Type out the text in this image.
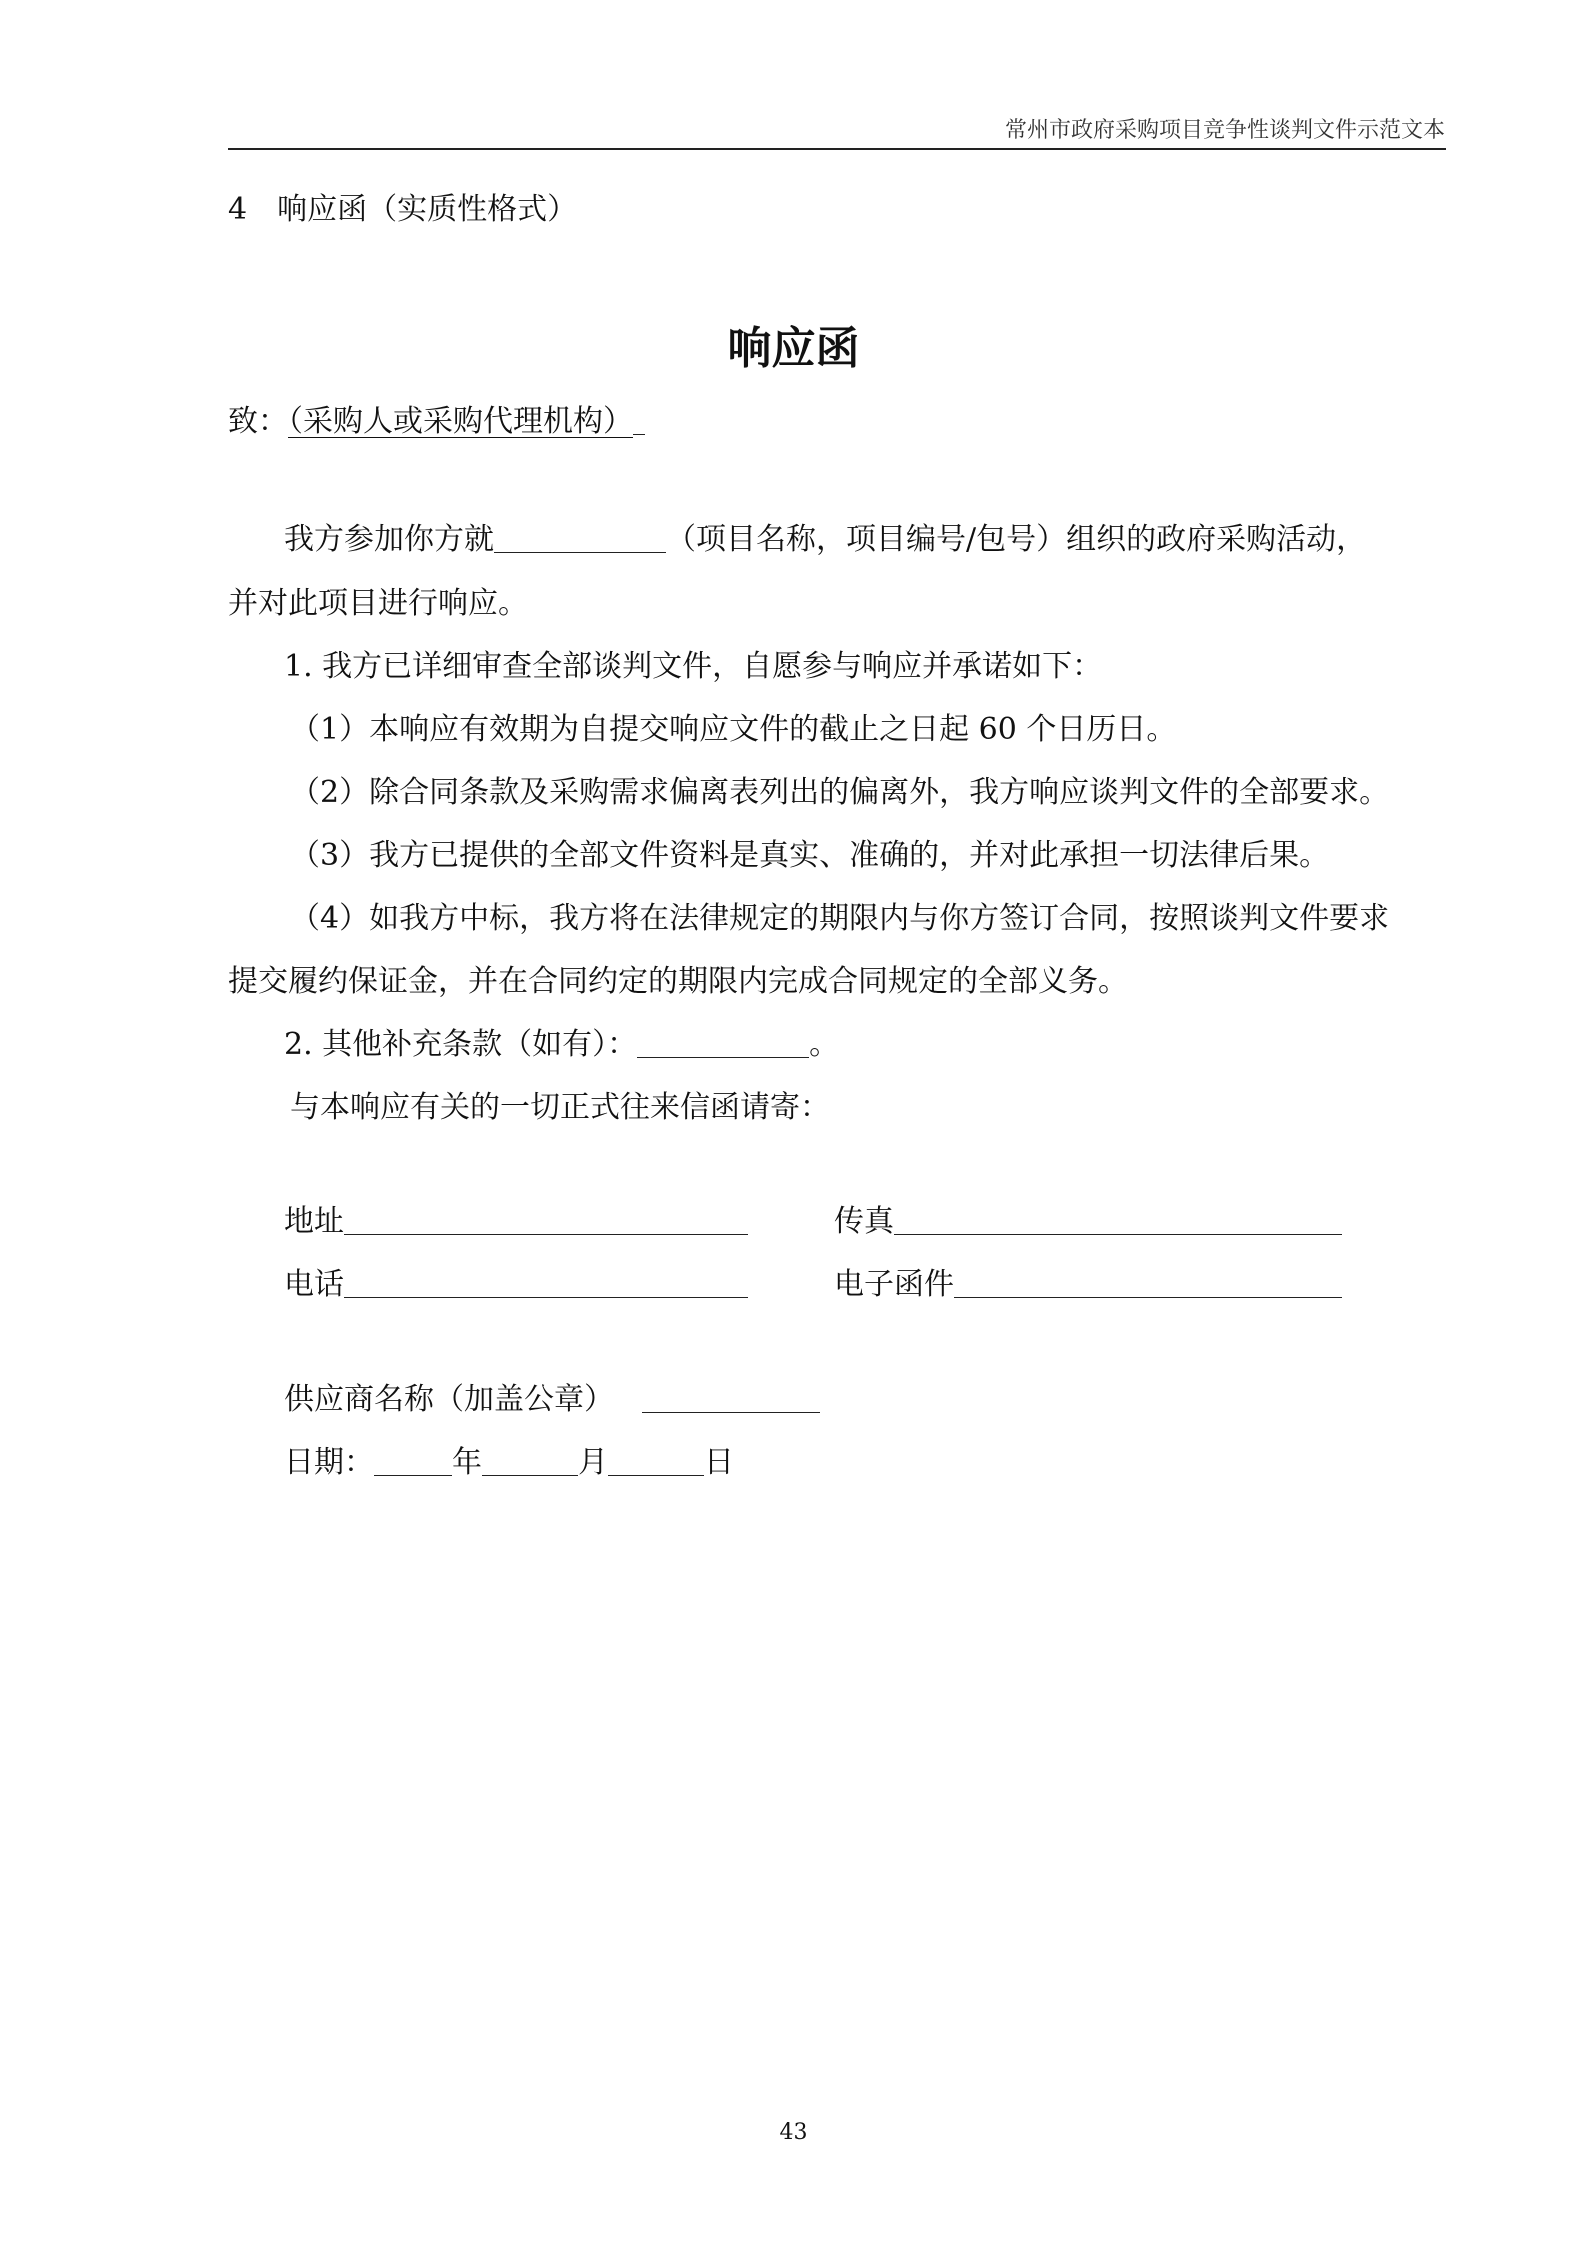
常州市政府采购项目竞争性谈判文件示范文本
4　响应函（实质性格式）
响应函
致：（采购人或采购代理机构）
我方参加你方就	（项目名称，项目编号/包号）组织的政府采购活动，
并对此项目进行响应。
1. 我方已详细审查全部谈判文件，自愿参与响应并承诺如下：
（1）本响应有效期为自提交响应文件的截止之日起 60 个日历日。
（2）除合同条款及采购需求偏离表列出的偏离外，我方响应谈判文件的全部要求。
（3）我方已提供的全部文件资料是真实、准确的，并对此承担一切法律后果。
（4）如我方中标，我方将在法律规定的期限内与你方签订合同，按照谈判文件要求
提交履约保证金，并在合同约定的期限内完成合同规定的全部义务。
2. 其他补充条款（如有）：	。
与本响应有关的一切正式往来信函请寄：
地址	传真
电话	电子函件
供应商名称（加盖公章）
日期：	年	月	日
43
